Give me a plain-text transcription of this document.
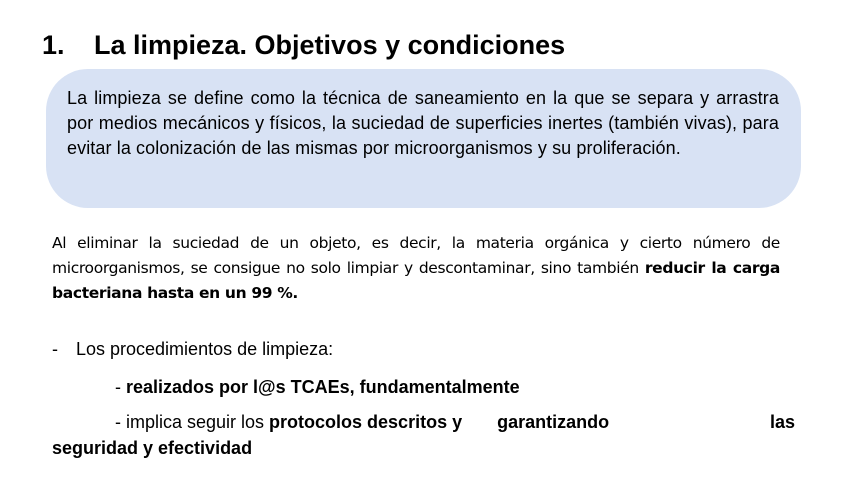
1. La limpieza. Objetivos y condiciones

La limpieza se define como la técnica de saneamiento en la que se separa y arrastra por medios mecánicos y físicos, la suciedad de superficies inertes (también vivas), para evitar la colonización de las mismas por microorganismos y su proliferación.

Al eliminar la suciedad de un objeto, es decir, la materia orgánica y cierto número de microorganismos, se consigue no solo limpiar y descontaminar, sino también reducir la carga bacteriana hasta en un 99 %.

- Los procedimientos de limpieza:

- realizados por l@s TCAEs, fundamentalmente

- implica seguir los protocolos descritos y garantizando	las

seguridad y efectividad
